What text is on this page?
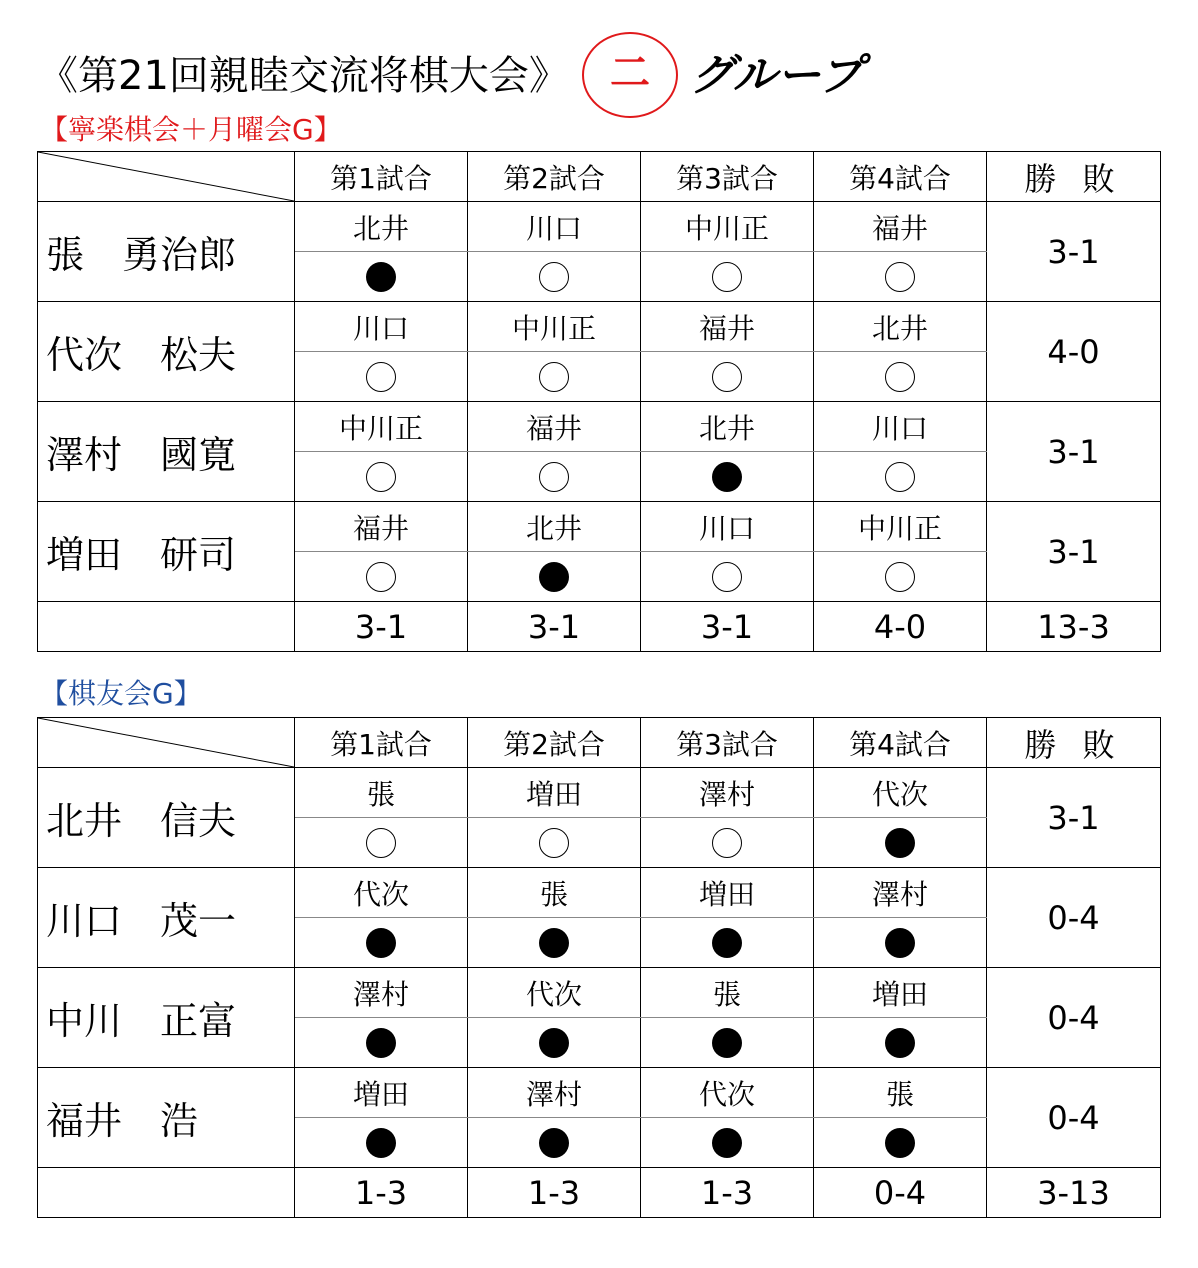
《第21回親睦交流将棋大会》	二 グループ
【寧楽棋会＋月曜会G】
	第1試合	第2試合	第3試合	第4試合	勝 敗
張　勇治郎	北井	川口	中川正	福井	3-1

代次　松夫	川口	中川正	福井	北井	4-0

澤村　國寛	中川正	福井	北井	川口	3-1

増田　研司	福井	北井	川口	中川正	3-1

	3-1	3-1	3-1	4-0	13-3
【棋友会G】
	第1試合	第2試合	第3試合	第4試合	勝 敗
北井　信夫	張	増田	澤村	代次	3-1

川口　茂一	代次	張	増田	澤村	0-4

中川　正富	澤村	代次	張	増田	0-4

福井　浩	増田	澤村	代次	張	0-4

	1-3	1-3	1-3	0-4	3-13
